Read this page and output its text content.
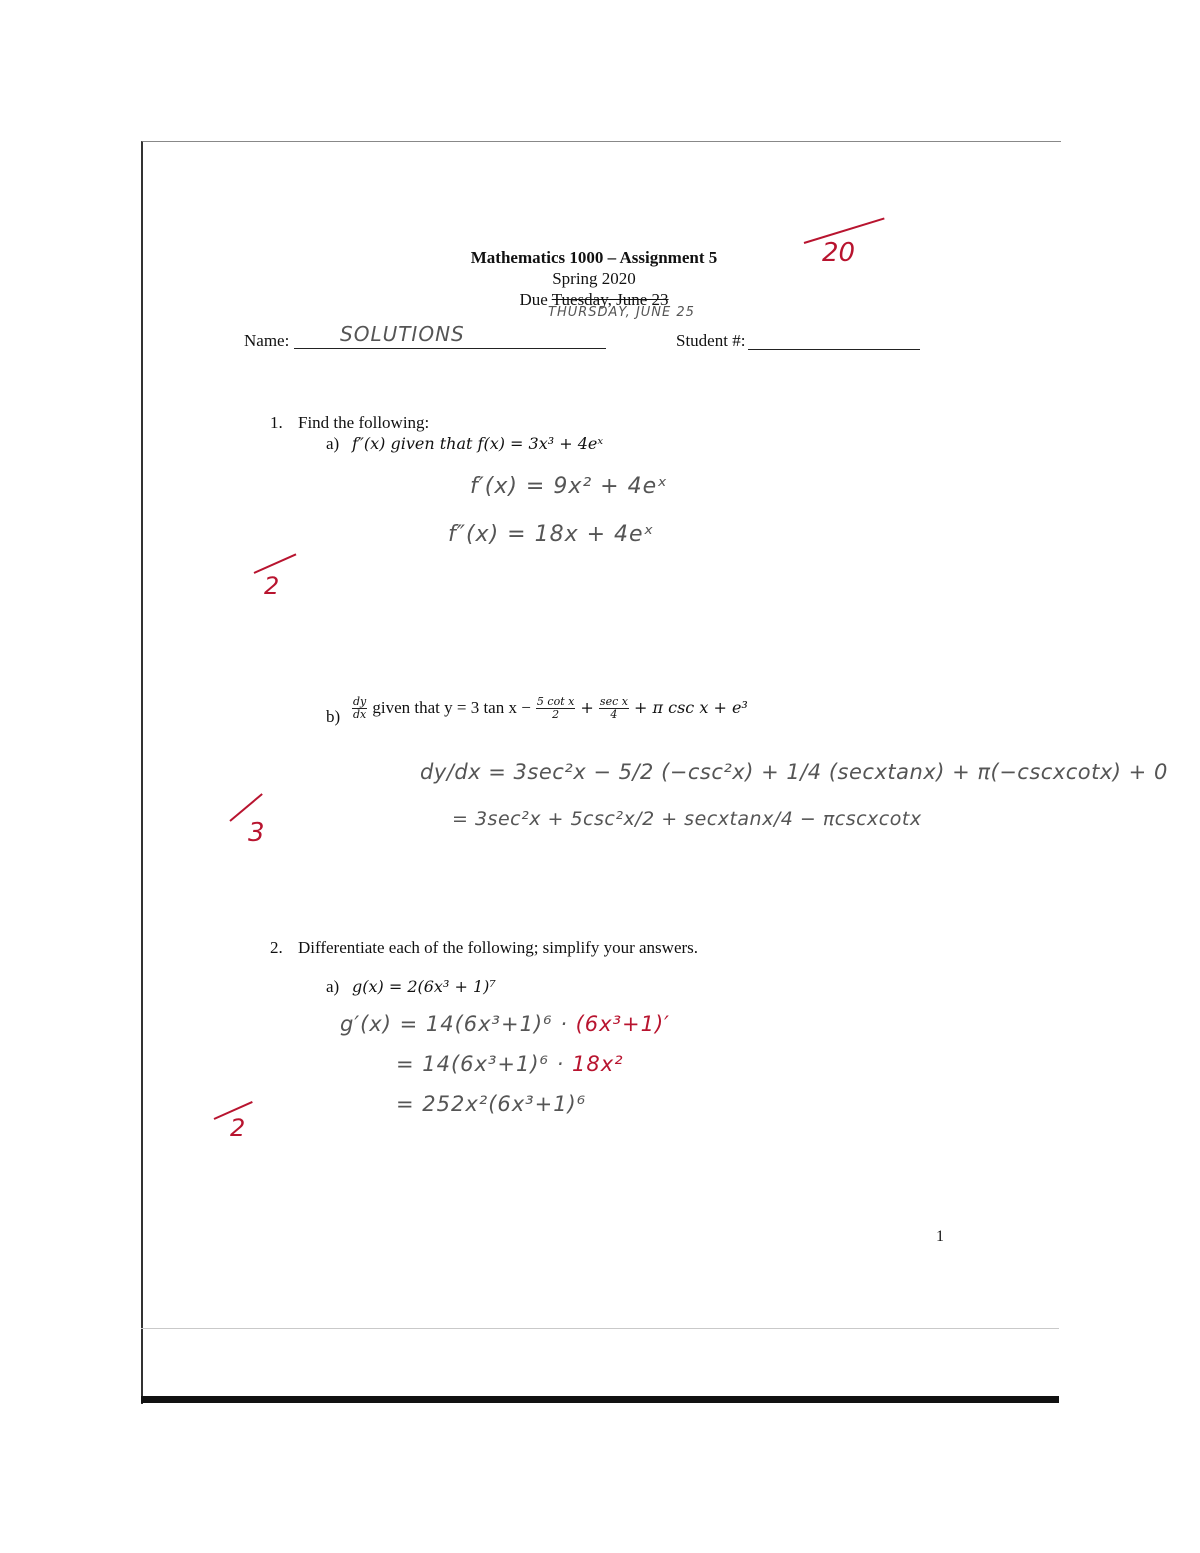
Mathematics 1000 – Assignment 5
Spring 2020
Due Tuesday, June 23
THURSDAY, JUNE 25
20
Name:	SOLUTIONS	Student #:
1. Find the following:
a) f″(x) given that f(x) = 3x³ + 4eˣ
f′(x) = 9x² + 4eˣ
f″(x) = 18x + 4eˣ
2
$b) \frac{dy}{dx}$ given that y = 3 $\tan x - \frac{\text{5 cot x}}{2} + \frac{\text{sec x}}{4} + \pi$ csc x + e³
dy/dx = 3sec²x − 5/2 (−csc²x) + 1/4 (secxtanx) + π(−cscxcotx) + 0
= 3sec²x + 5csc²x/2 + secxtanx/4 − πcscxcotx
3
2. Differentiate each of the following; simplify your answers.
a) g(x) = 2(6x³ + 1)⁷
g′(x) = 14(6x³+1)⁶ · (6x³+1)′
= 14(6x³+1)⁶ · 18x²
= 252x²(6x³+1)⁶
2
1
